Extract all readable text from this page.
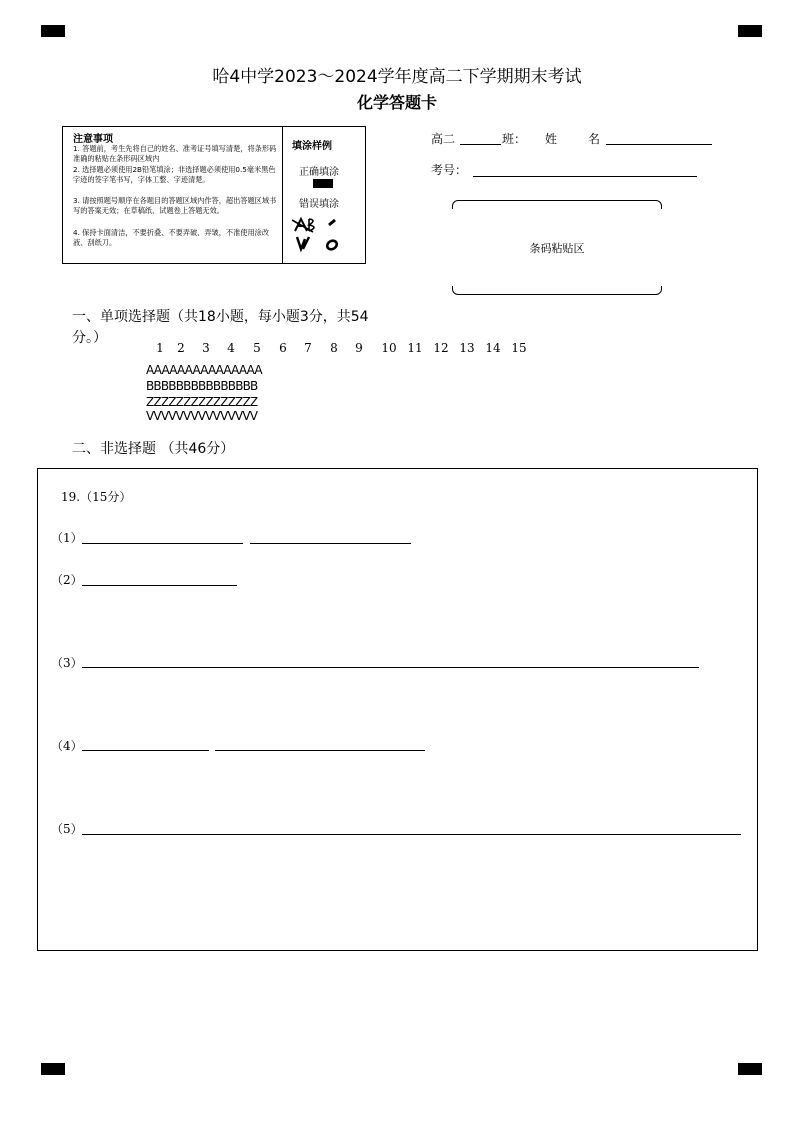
哈4中学2023～2024学年度高二下学期期末考试
化学答题卡
注意事项
1. 答题前，考生先将自己的姓名、准考证号填写清楚，将条形码准确的粘贴在条形码区域内
2. 选择题必须使用2B铅笔填涂；非选择题必须使用0.5毫米黑色字迹的签字笔书写，字体工整、字迹清楚。
3. 请按照题号顺序在各题目的答题区域内作答，超出答题区域书写的答案无效；在草稿纸、试题卷上答题无效。
4. 保持卡面清洁，不要折叠、不要弄破、弄皱，不准使用涂改液、刮纸刀。
填涂样例
正确填涂
错误填涂
高二	班： 姓	名
考号：
条码粘贴区
一、单项选择题（共18小题，每小题3分，共54
分。）
1	2	3	4	5	6	7	8	9	10 11 12 13 14 15
AAAAAAAAAAAAAAA
BBBBBBBBBBBBBBB
ZZZZZZZZZZZZZZZ
VVVVVVVVVVVVVVV
二、非选择题 （共46分）
19.（15分）
（1）
（2）
（3）
（4）
（5）
